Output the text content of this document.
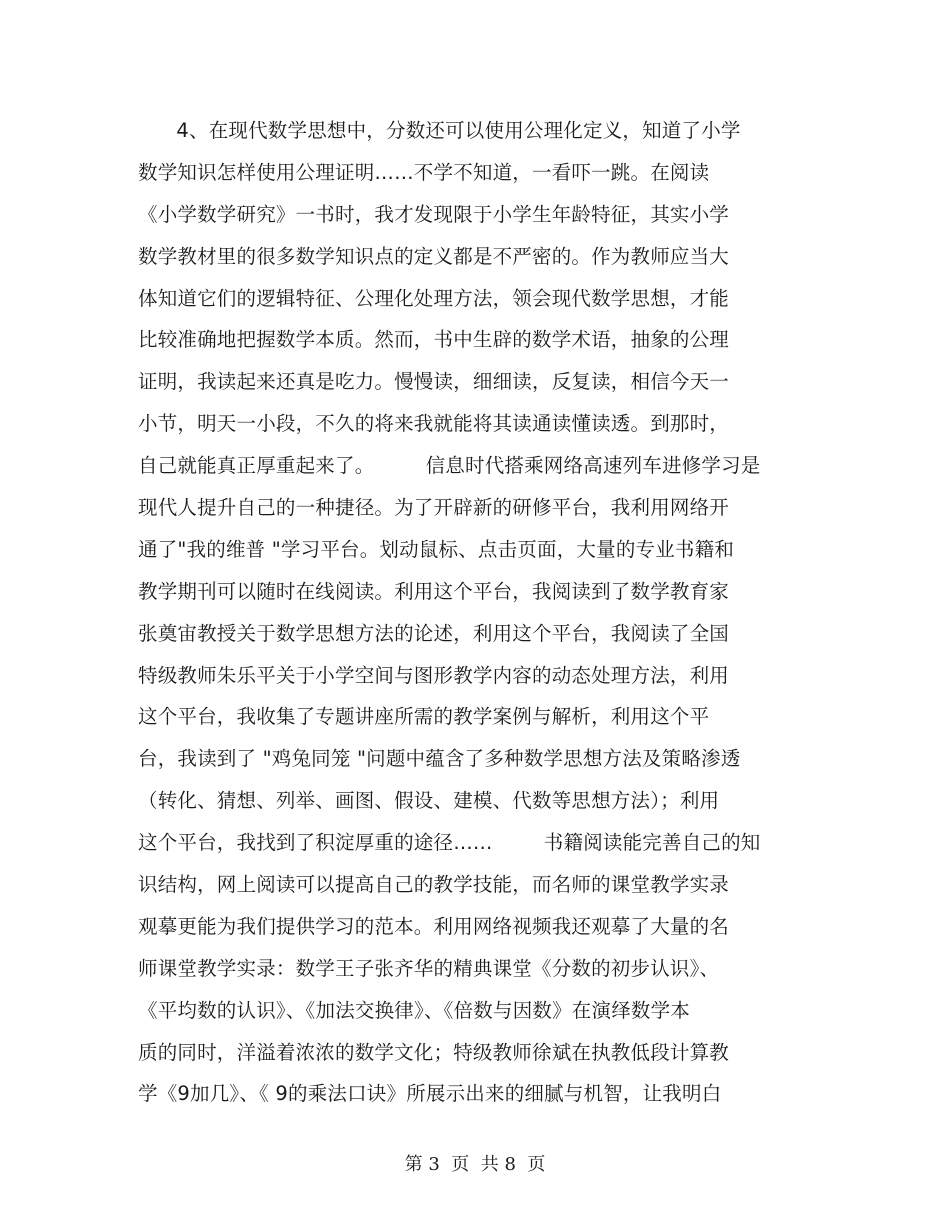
4、在现代数学思想中，分数还可以使用公理化定义，知道了小学
数学知识怎样使用公理证明……不学不知道，一看吓一跳。在阅读
《小学数学研究》一书时，我才发现限于小学生年龄特征，其实小学
数学教材里的很多数学知识点的定义都是不严密的。作为教师应当大
体知道它们的逻辑特征、公理化处理方法，领会现代数学思想，才能
比较准确地把握数学本质。然而，书中生辟的数学术语，抽象的公理
证明，我读起来还真是吃力。慢慢读，细细读，反复读，相信今天一
小节，明天一小段，不久的将来我就能将其读通读懂读透。到那时，
自己就能真正厚重起来了。        信息时代搭乘网络高速列车进修学习是
现代人提升自己的一种捷径。为了开辟新的研修平台，我利用网络开
通了"我的维普 "学习平台。划动鼠标、点击页面，大量的专业书籍和
教学期刊可以随时在线阅读。利用这个平台，我阅读到了数学教育家
张奠宙教授关于数学思想方法的论述，利用这个平台，我阅读了全国
特级教师朱乐平关于小学空间与图形教学内容的动态处理方法，利用
这个平台，我收集了专题讲座所需的教学案例与解析，利用这个平
台，我读到了 "鸡兔同笼 "问题中蕴含了多种数学思想方法及策略渗透
（转化、猜想、列举、画图、假设、建模、代数等思想方法）；利用
这个平台，我找到了积淀厚重的途径……        书籍阅读能完善自己的知
识结构，网上阅读可以提高自己的教学技能，而名师的课堂教学实录
观摹更能为我们提供学习的范本。利用网络视频我还观摹了大量的名
师课堂教学实录：数学王子张齐华的精典课堂《分数的初步认识》、
《平均数的认识》、《加法交换律》、《倍数与因数》在演绎数学本
质的同时，洋溢着浓浓的数学文化；特级教师徐斌在执教低段计算教
学《9加几》、《 9的乘法口诀》所展示出来的细腻与机智，让我明白
第 3  页  共 8  页
